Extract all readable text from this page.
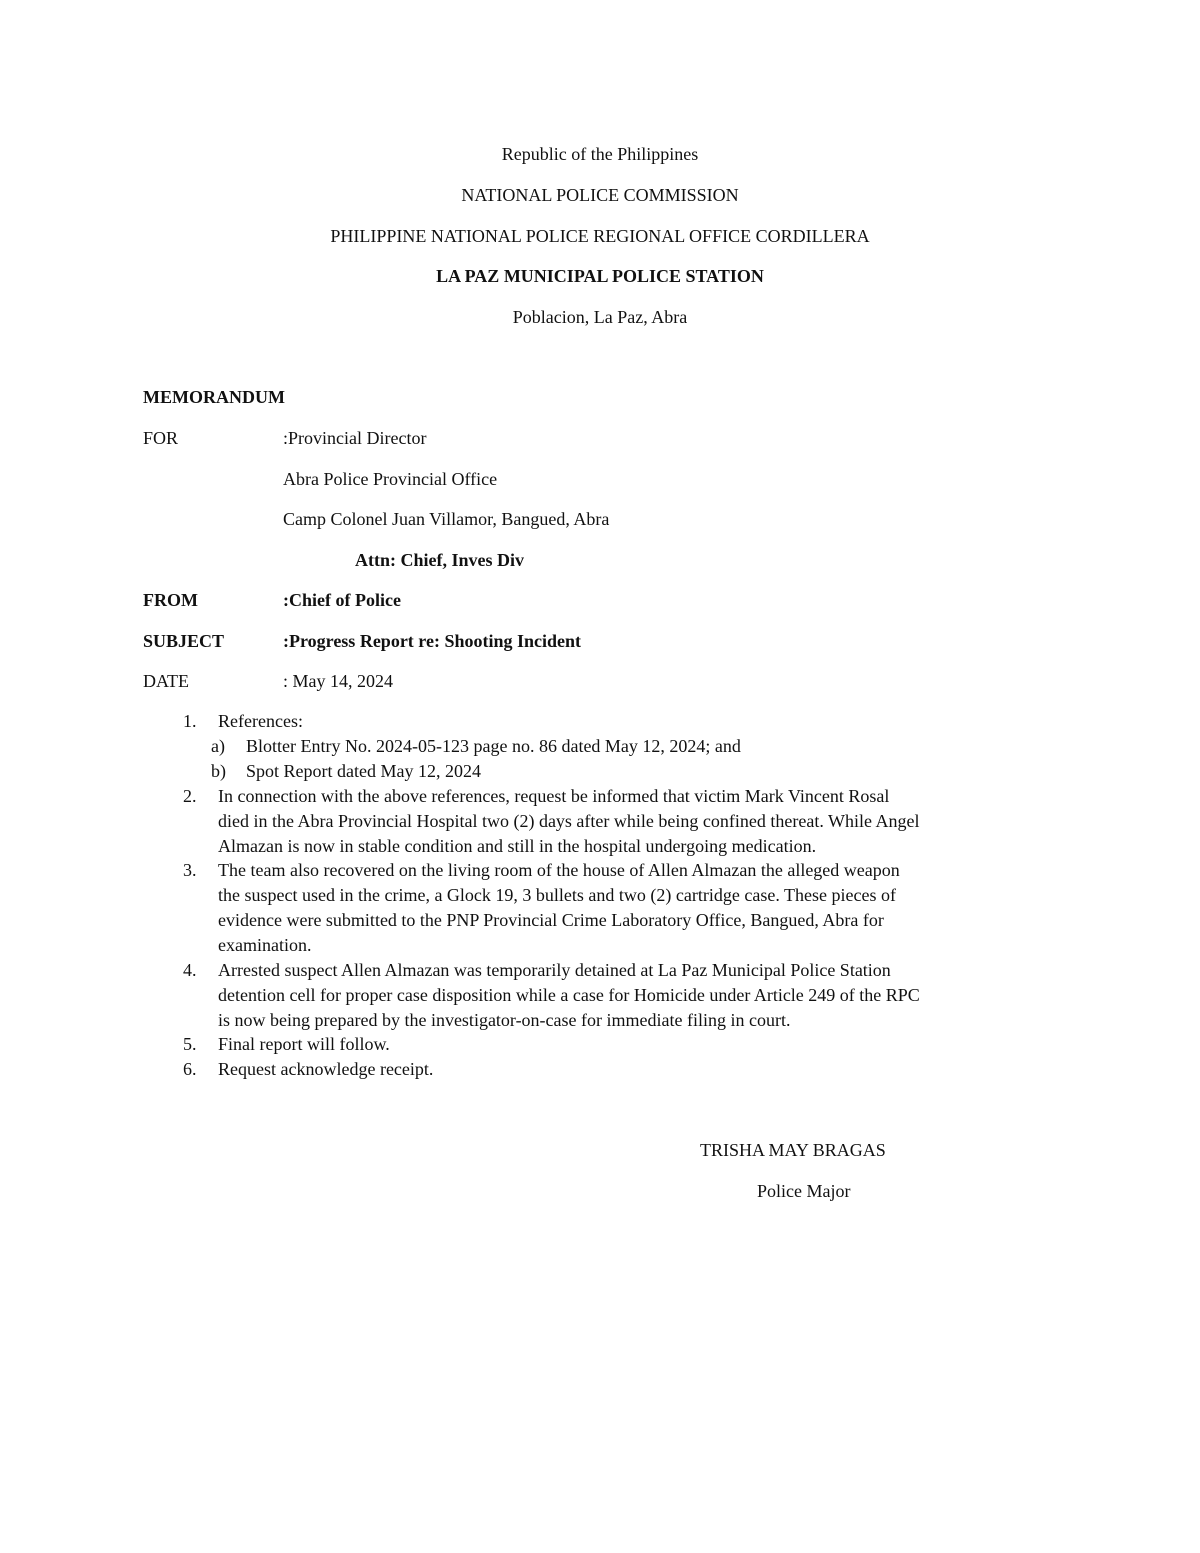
Republic of the Philippines
NATIONAL POLICE COMMISSION
PHILIPPINE NATIONAL POLICE REGIONAL OFFICE CORDILLERA
LA PAZ MUNICIPAL POLICE STATION
Poblacion, La Paz, Abra
MEMORANDUM
FOR	:Provincial Director
Abra Police Provincial Office
Camp Colonel Juan Villamor, Bangued, Abra
Attn: Chief, Inves Div
FROM	:Chief of Police
SUBJECT	:Progress Report re: Shooting Incident
DATE	: May 14, 2024
1. References:
a) Blotter Entry No. 2024-05-123 page no. 86 dated May 12, 2024; and
b) Spot Report dated May 12, 2024
2. In connection with the above references, request be informed that victim Mark Vincent Rosal
died in the Abra Provincial Hospital two (2) days after while being confined thereat. While Angel
Almazan is now in stable condition and still in the hospital undergoing medication.
3. The team also recovered on the living room of the house of Allen Almazan the alleged weapon
the suspect used in the crime, a Glock 19, 3 bullets and two (2) cartridge case. These pieces of
evidence were submitted to the PNP Provincial Crime Laboratory Office, Bangued, Abra for
examination.
4. Arrested suspect Allen Almazan was temporarily detained at La Paz Municipal Police Station
detention cell for proper case disposition while a case for Homicide under Article 249 of the RPC
is now being prepared by the investigator-on-case for immediate filing in court.
5. Final report will follow.
6. Request acknowledge receipt.
TRISHA MAY BRAGAS
Police Major
